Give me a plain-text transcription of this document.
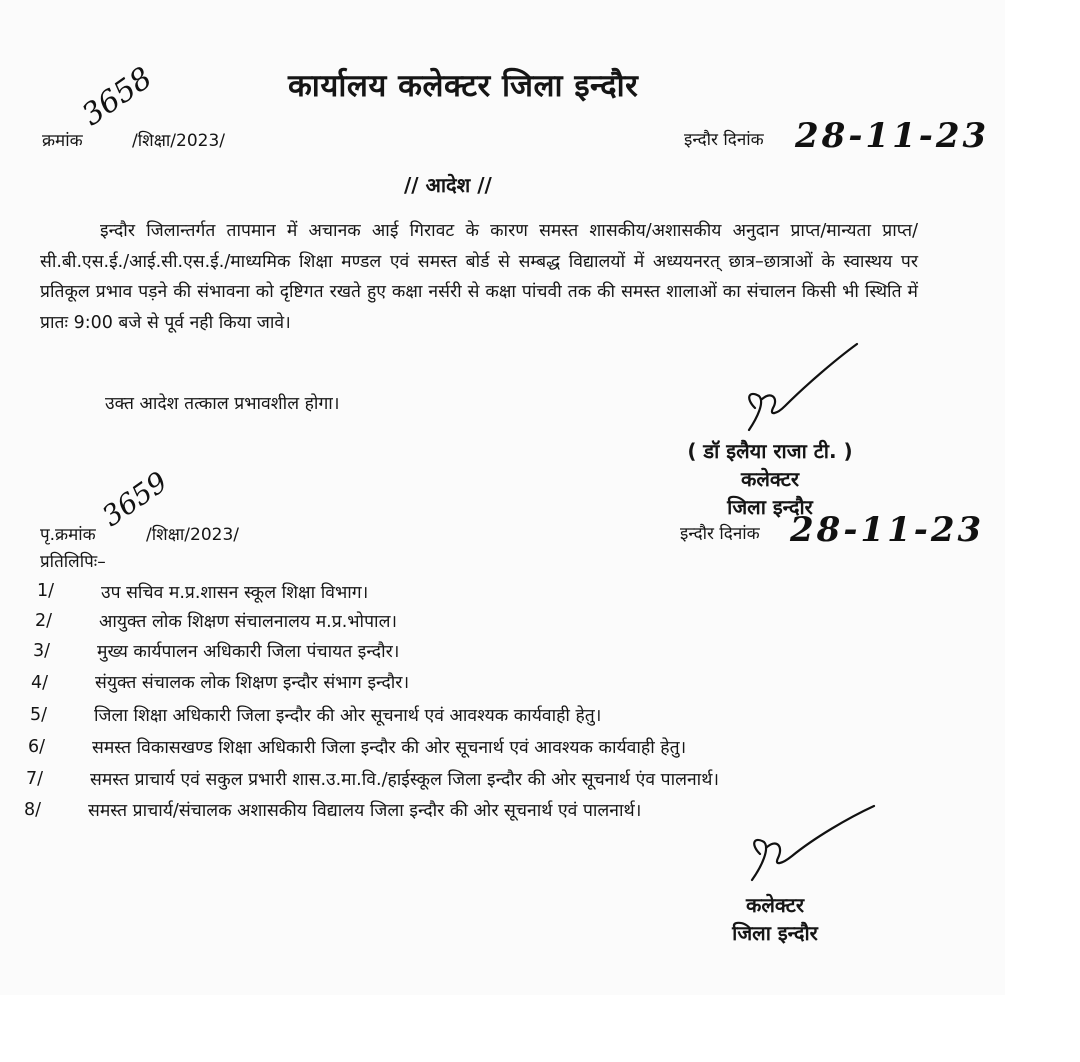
कार्यालय कलेक्टर जिला इन्दौर
क्रमांक
3658
/शिक्षा/2023/	इन्दौर दिनांक 28-11-23
// आदेश //
इन्दौर जिलान्तर्गत तापमान में अचानक आई गिरावट के कारण समस्त शासकीय/अशासकीय अनुदान प्राप्त/मान्यता प्राप्त/सी.बी.एस.ई./आई.सी.एस.ई./माध्यमिक शिक्षा मण्डल एवं समस्त बोर्ड से सम्बद्ध विद्यालयों में अध्ययनरत् छात्र–छात्राओं के स्वास्थय पर प्रतिकूल प्रभाव पड़ने की संभावना को दृष्टिगत रखते हुए कक्षा नर्सरी से कक्षा पांचवी तक की समस्त शालाओं का संचालन किसी भी स्थिति में प्रातः 9:00 बजे से पूर्व नही किया जावे।
उक्त आदेश तत्काल प्रभावशील होगा।
( डॉ इलैया राजा टी. )
कलेक्टर
जिला इन्दौर
पृ.क्रमांक
3659
/शिक्षा/2023/	इन्दौर दिनांक 28-11-23
प्रतिलिपिः–
1/	उप सचिव म.प्र.शासन स्कूल शिक्षा विभाग।
2/	आयुक्त लोक शिक्षण संचालनालय म.प्र.भोपाल।
3/	मुख्य कार्यपालन अधिकारी जिला पंचायत इन्दौर।
4/	संयुक्त संचालक लोक शिक्षण इन्दौर संभाग इन्दौर।
5/	जिला शिक्षा अधिकारी जिला इन्दौर की ओर सूचनार्थ एवं आवश्यक कार्यवाही हेतु।
6/	समस्त विकासखण्ड शिक्षा अधिकारी जिला इन्दौर की ओर सूचनार्थ एवं आवश्यक कार्यवाही हेतु।
7/	समस्त प्राचार्य एवं सकुल प्रभारी शास.उ.मा.वि./हाईस्कूल जिला इन्दौर की ओर सूचनार्थ एंव पालनार्थ।
8/	समस्त प्राचार्य/संचालक अशासकीय विद्यालय जिला इन्दौर की ओर सूचनार्थ एवं पालनार्थ।
कलेक्टर
जिला इन्दौर
